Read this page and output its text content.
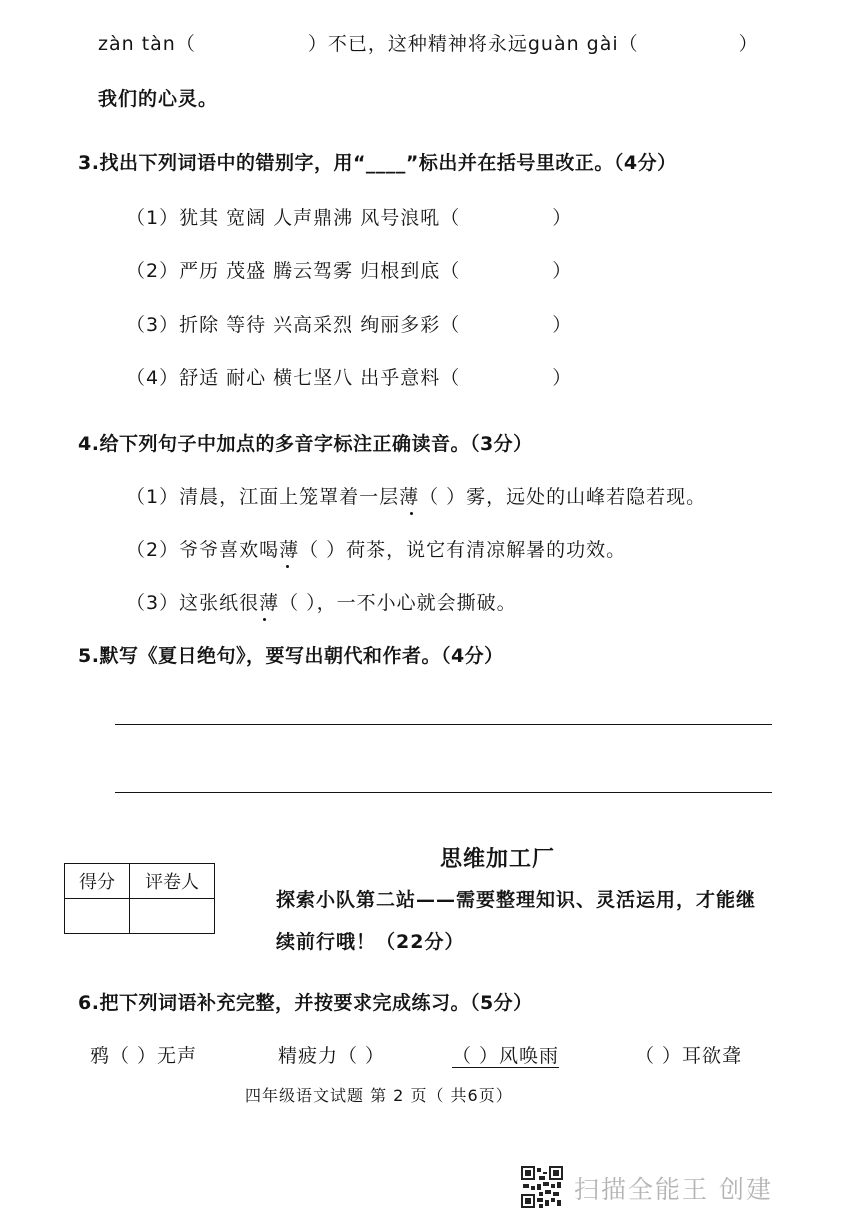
zàn tàn（	）不已，这种精神将永远guàn gài（	）
我们的心灵。
3.找出下列词语中的错别字，用“____”标出并在括号里改正。（4分）
（1）犹其 宽阔 人声鼎沸 风号浪吼（	）
（2）严历 茂盛 腾云驾雾 归根到底（	）
（3）折除 等待 兴高采烈 绚丽多彩（	）
（4）舒适 耐心 横七坚八 出乎意料（	）
4.给下列句子中加点的多音字标注正确读音。（3分）
（1）清晨，江面上笼罩着一层薄（ ）雾，远处的山峰若隐若现。
（2）爷爷喜欢喝薄（ ）荷茶，说它有清凉解暑的功效。
（3）这张纸很薄（ ），一不小心就会撕破。
5.默写《夏日绝句》，要写出朝代和作者。（4分）
思维加工厂
得分	评卷人

探索小队第二站——需要整理知识、灵活运用，才能继
续前行哦！（22分）
6.把下列词语补充完整，并按要求完成练习。（5分）
鸦（ ）无声	精疲力（ ）	（ ）风唤雨	（ ）耳欲聋
四年级语文试题 第 2 页（ 共6页）
扫描全能王 创建
